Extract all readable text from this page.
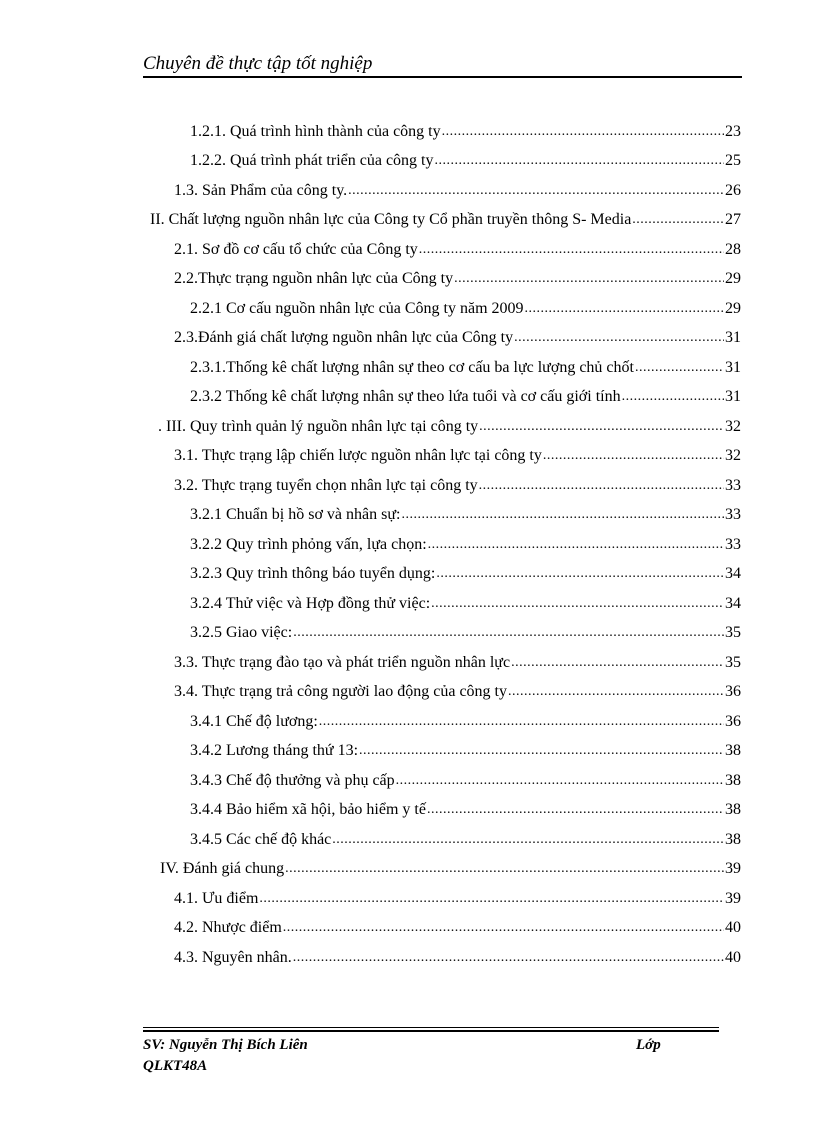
Chuyên đề thực tập tốt nghiệp
1.2.1. Quá trình hình thành của công ty .....	23
1.2.2. Quá trình phát triển của công ty .....	25
1.3. Sản Phẩm của công ty. .....	26
II. Chất lượng nguồn nhân lực của Công ty Cổ phần truyền thông S- Media .....	27
2.1. Sơ đồ cơ cấu tổ chức của Công ty .....	28
2.2.Thực trạng nguồn nhân lực của Công ty .....	29
2.2.1 Cơ cấu nguồn nhân lực của Công ty năm 2009 .....	29
2.3.Đánh giá chất lượng nguồn nhân lực của Công ty .....	31
2.3.1.Thống kê chất lượng nhân sự theo cơ cấu ba lực lượng chủ chốt .....	31
2.3.2 Thống kê chất lượng nhân sự theo lứa tuổi và cơ cấu giới tính .....	31
. III. Quy trình quản lý nguồn nhân lực tại công ty .....	32
3.1. Thực trạng lập chiến lược nguồn nhân lực tại công ty .....	32
3.2. Thực trạng tuyển chọn nhân lực tại công ty .....	33
3.2.1 Chuẩn bị hồ sơ và nhân sự: .....	33
3.2.2 Quy trình phỏng vấn, lựa chọn: .....	33
3.2.3 Quy trình thông báo tuyển dụng: .....	34
3.2.4 Thử việc và Hợp đồng thử việc: .....	34
3.2.5 Giao việc: .....	35
3.3. Thực trạng đào tạo và phát triển nguồn nhân lực .....	35
3.4. Thực trạng trả công người lao động của công ty .....	36
3.4.1 Chế độ lương: .....	36
3.4.2 Lương tháng thứ 13: .....	38
3.4.3 Chế độ thưởng và phụ cấp .....	38
3.4.4 Bảo hiểm xã hội, bảo hiểm y tế .....	38
3.4.5 Các chế độ khác .....	38
IV. Đánh giá chung .....	39
4.1. Ưu điểm .....	39
4.2. Nhược điểm .....	40
4.3. Nguyên nhân. .....	40
SV: Nguyễn Thị Bích Liên	Lớp
QLKT48A
